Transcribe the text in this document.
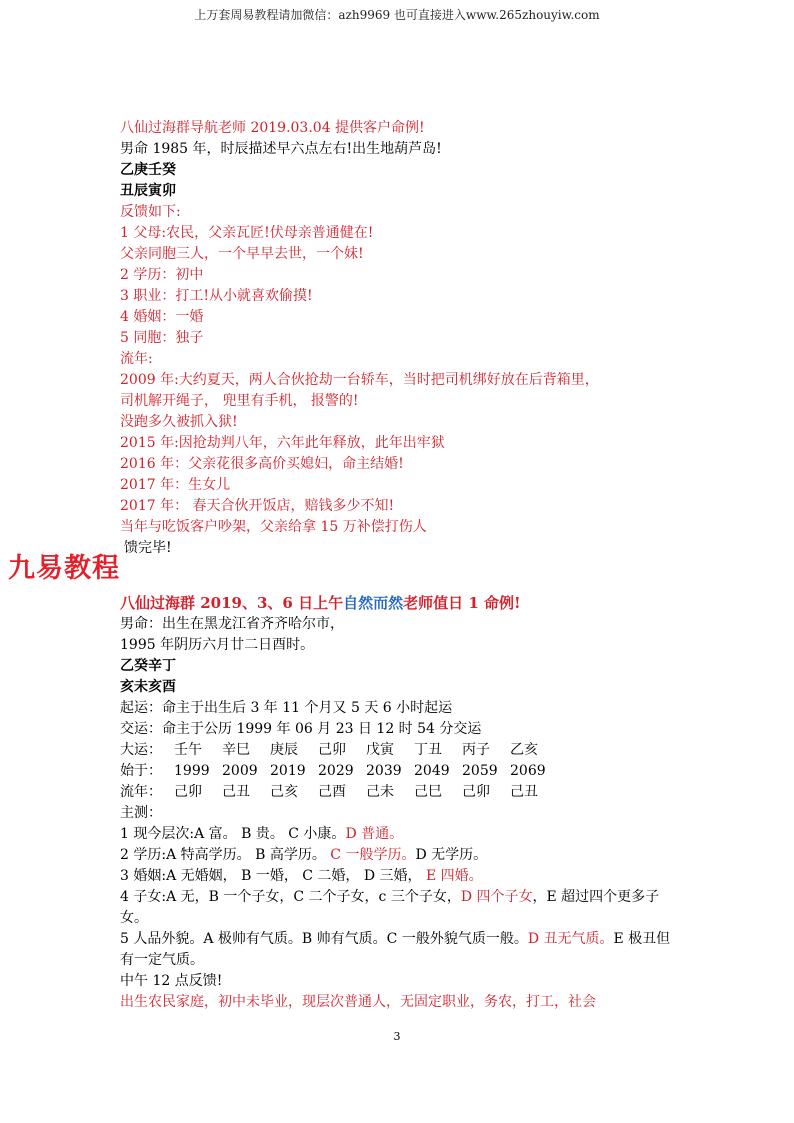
上万套周易教程请加微信：azh9969 也可直接进入www.265zhouyiw.com
八仙过海群导航老师 2019.03.04 提供客户命例!
男命 1985 年，时辰描述早六点左右!出生地葫芦岛!
乙庚壬癸
丑辰寅卯
反馈如下:
1 父母:农民，父亲瓦匠!伏母亲普通健在!
父亲同胞三人，一个早早去世，一个妹!
2 学历：初中
3 职业：打工!从小就喜欢偷摸!
4 婚姻：一婚
5 同胞：独子
流年:
2009 年:大约夏天，两人合伙抢劫一台轿车，当时把司机绑好放在后背箱里，
司机解开绳子， 兜里有手机， 报警的!
没跑多久被抓入狱!
2015 年:因抢劫判八年，六年此年释放，此年出牢狱
2016 年：父亲花很多高价买媳妇，命主结婚!
2017 年：生女儿
2017 年： 春天合伙开饭店，赔钱多少不知!
当年与吃饭客户吵架，父亲给拿 15 万补偿打伤人
馈完毕!
八仙过海群 2019、3、6 日上午自然而然老师值日 1 命例!
男命：出生在黑龙江省齐齐哈尔市，
1995 年阴历六月廿二日酉时。
乙癸辛丁
亥未亥酉
起运：命主于出生后 3 年 11 个月又 5 天 6 小时起运
交运：命主于公历 1999 年 06 月 23 日 12 时 54 分交运
大运： 壬午 辛巳 庚辰 己卯 戊寅 丁丑 丙子 乙亥
始于： 1999 2009 2019 2029 2039 2049 2059 2069
流年： 己卯 己丑 己亥 己酉 己未 己巳 己卯 己丑
主测：
1 现今层次:A 富。 B 贵。 C 小康。D 普通。
2 学历:A 特高学历。 B 高学历。 C 一般学历。D 无学历。
3 婚姻:A 无婚姻， B 一婚， C 二婚， D 三婚， E 四婚。
4 子女:A 无，B 一个子女，C 二个子女，c 三个子女，D 四个子女，E 超过四个更多子女。
5 人品外貌。A 极帅有气质。B 帅有气质。C 一般外貌气质一般。D 丑无气质。E 极丑但有一定气质。
中午 12 点反馈!
出生农民家庭，初中未毕业，现层次普通人，无固定职业，务农，打工，社会
九易教程
3
